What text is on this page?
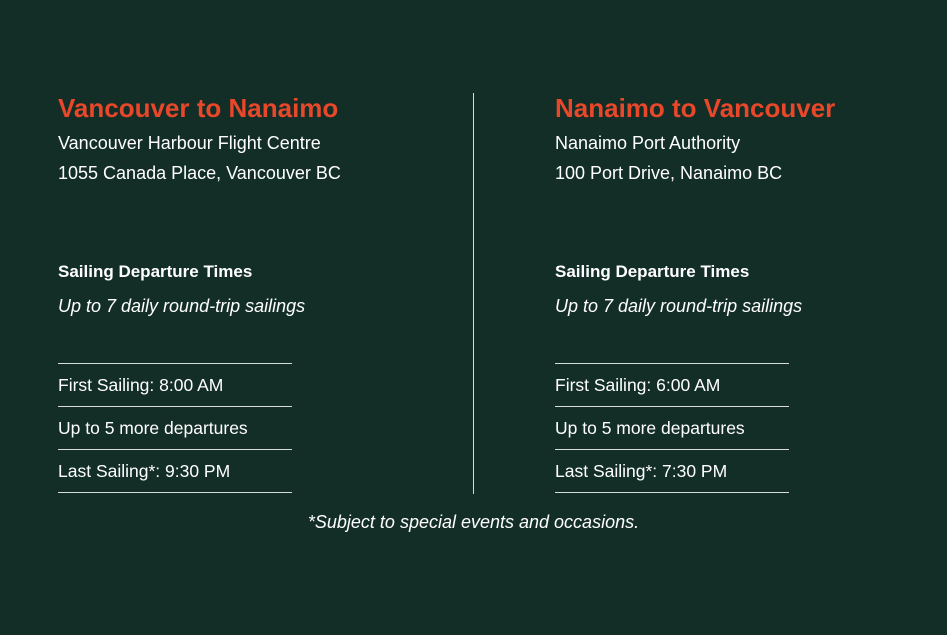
Vancouver to Nanaimo
Vancouver Harbour Flight Centre
1055 Canada Place, Vancouver BC
Sailing Departure Times
Up to 7 daily round-trip sailings
First Sailing: 8:00 AM
Up to 5 more departures
Last Sailing*: 9:30 PM
Nanaimo to Vancouver
Nanaimo Port Authority
100 Port Drive, Nanaimo BC
Sailing Departure Times
Up to 7 daily round-trip sailings
First Sailing: 6:00 AM
Up to 5 more departures
Last Sailing*: 7:30 PM
*Subject to special events and occasions.
